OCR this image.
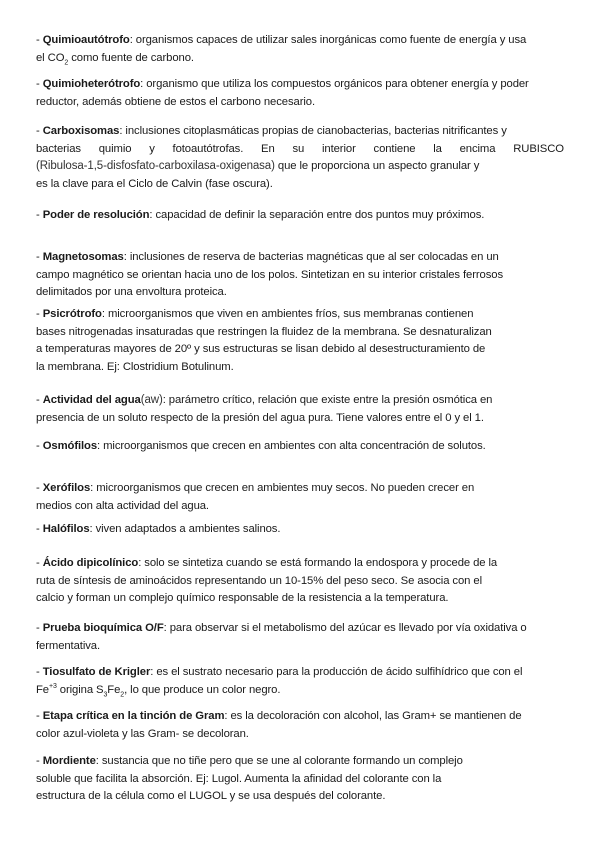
- Quimioautótrofo: organismos capaces de utilizar sales inorgánicas como fuente de energía y usa
el $CO_2$ como fuente de carbono.
- Quimioheterótrofo: organismo que utiliza los compuestos orgánicos para obtener energía y poder
reductor, además obtiene de estos el carbono necesario.
- Carboxisomas: inclusiones citoplasmáticas propias de cianobacterias, bacterias nitrificantes y
bacterias quimio y fotoautótrofas. En su interior contiene la encima RUBISCO
(Ribulosa-1,5-disfosfato-carboxilasa-oxigenasa) que le proporciona un aspecto granular y
es la clave para el Ciclo de Calvin (fase oscura).
- Poder de resolución: capacidad de definir la separación entre dos puntos muy próximos.
- Magnetosomas: inclusiones de reserva de bacterias magnéticas que al ser colocadas en un
campo magnético se orientan hacia uno de los polos. Sintetizan en su interior cristales ferrosos
delimitados por una envoltura proteica.
- Psicrótrofo: microorganismos que viven en ambientes fríos, sus membranas contienen
bases nitrogenadas insaturadas que restringen la fluidez de la membrana. Se desnaturalizan
a temperaturas mayores de 20º y sus estructuras se lisan debido al desestructuramiento de
la membrana. Ej: Clostridium Botulinum.
- Actividad del agua(aw): parámetro crítico, relación que existe entre la presión osmótica en
presencia de un soluto respecto de la presión del agua pura. Tiene valores entre el 0 y el 1.
- Osmófilos: microorganismos que crecen en ambientes con alta concentración de solutos.
- Xerófilos: microorganismos que crecen en ambientes muy secos. No pueden crecer en
medios con alta actividad del agua.
- Halófilos: viven adaptados a ambientes salinos.
- Ácido dipicolínico: solo se sintetiza cuando se está formando la endospora y procede de la
ruta de síntesis de aminoácidos representando un 10-15% del peso seco. Se asocia con el
calcio y forman un complejo químico responsable de la resistencia a la temperatura.
- Prueba bioquímica O/F: para observar si el metabolismo del azúcar es llevado por vía oxidativa o
fermentativa.
- Tiosulfato de Krigler: es el sustrato necesario para la producción de ácido sulfihídrico que con el
$Fe^{+3}$ origina $S_3Fe_2$, lo que produce un color negro.
- Etapa crítica en la tinción de Gram: es la decoloración con alcohol, las Gram+ se mantienen de
color azul-violeta y las Gram- se decoloran.
- Mordiente: sustancia que no tiñe pero que se une al colorante formando un complejo
soluble que facilita la absorción. Ej: Lugol. Aumenta la afinidad del colorante con la
estructura de la célula como el LUGOL y se usa después del colorante.
